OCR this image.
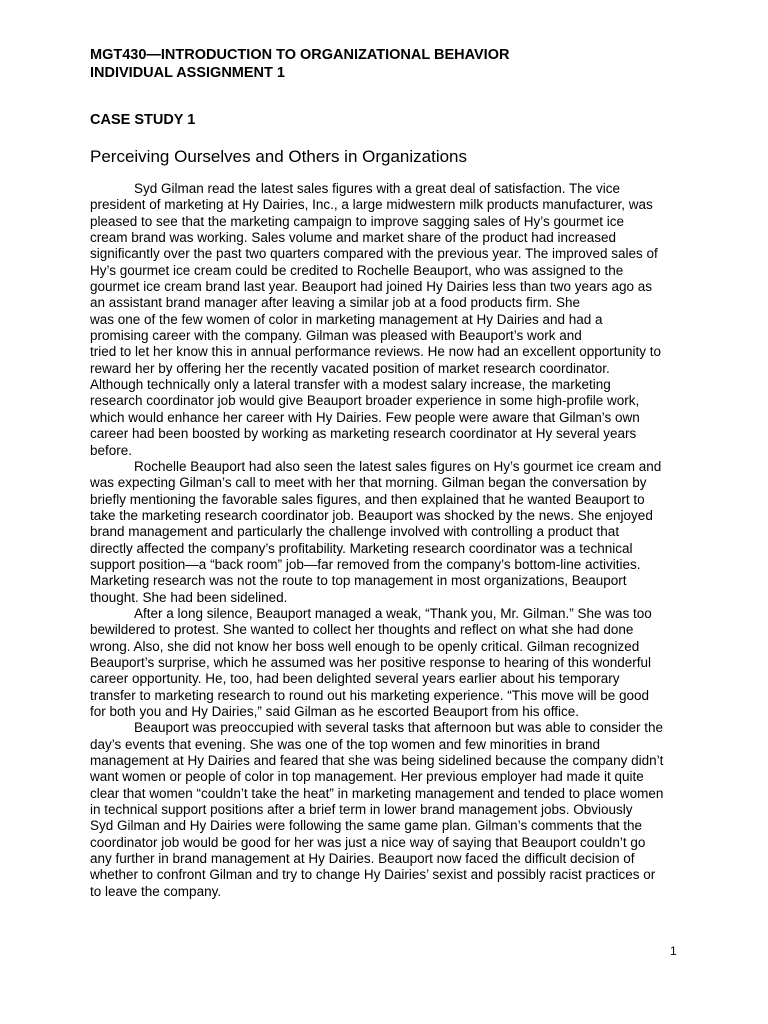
MGT430—INTRODUCTION TO ORGANIZATIONAL BEHAVIOR
INDIVIDUAL ASSIGNMENT 1
CASE STUDY 1
Perceiving Ourselves and Others in Organizations
Syd Gilman read the latest sales figures with a great deal of satisfaction. The vice
president of marketing at Hy Dairies, Inc., a large midwestern milk products manufacturer, was
pleased to see that the marketing campaign to improve sagging sales of Hy’s gourmet ice
cream brand was working. Sales volume and market share of the product had increased
significantly over the past two quarters compared with the previous year. The improved sales of
Hy’s gourmet ice cream could be credited to Rochelle Beauport, who was assigned to the
gourmet ice cream brand last year. Beauport had joined Hy Dairies less than two years ago as
an assistant brand manager after leaving a similar job at a food products firm. She
was one of the few women of color in marketing management at Hy Dairies and had a
promising career with the company. Gilman was pleased with Beauport’s work and
tried to let her know this in annual performance reviews. He now had an excellent opportunity to
reward her by offering her the recently vacated position of market research coordinator.
Although technically only a lateral transfer with a modest salary increase, the marketing
research coordinator job would give Beauport broader experience in some high-profile work,
which would enhance her career with Hy Dairies. Few people were aware that Gilman’s own
career had been boosted by working as marketing research coordinator at Hy several years
before.
Rochelle Beauport had also seen the latest sales figures on Hy’s gourmet ice cream and
was expecting Gilman’s call to meet with her that morning. Gilman began the conversation by
briefly mentioning the favorable sales figures, and then explained that he wanted Beauport to
take the marketing research coordinator job. Beauport was shocked by the news. She enjoyed
brand management and particularly the challenge involved with controlling a product that
directly affected the company’s profitability. Marketing research coordinator was a technical
support position—a “back room” job—far removed from the company’s bottom-line activities.
Marketing research was not the route to top management in most organizations, Beauport
thought. She had been sidelined.
After a long silence, Beauport managed a weak, “Thank you, Mr. Gilman.” She was too
bewildered to protest. She wanted to collect her thoughts and reflect on what she had done
wrong. Also, she did not know her boss well enough to be openly critical. Gilman recognized
Beauport’s surprise, which he assumed was her positive response to hearing of this wonderful
career opportunity. He, too, had been delighted several years earlier about his temporary
transfer to marketing research to round out his marketing experience. “This move will be good
for both you and Hy Dairies,” said Gilman as he escorted Beauport from his office.
Beauport was preoccupied with several tasks that afternoon but was able to consider the
day’s events that evening. She was one of the top women and few minorities in brand
management at Hy Dairies and feared that she was being sidelined because the company didn’t
want women or people of color in top management. Her previous employer had made it quite
clear that women “couldn’t take the heat” in marketing management and tended to place women
in technical support positions after a brief term in lower brand management jobs. Obviously
Syd Gilman and Hy Dairies were following the same game plan. Gilman’s comments that the
coordinator job would be good for her was just a nice way of saying that Beauport couldn’t go
any further in brand management at Hy Dairies. Beauport now faced the difficult decision of
whether to confront Gilman and try to change Hy Dairies’ sexist and possibly racist practices or
to leave the company.
1
